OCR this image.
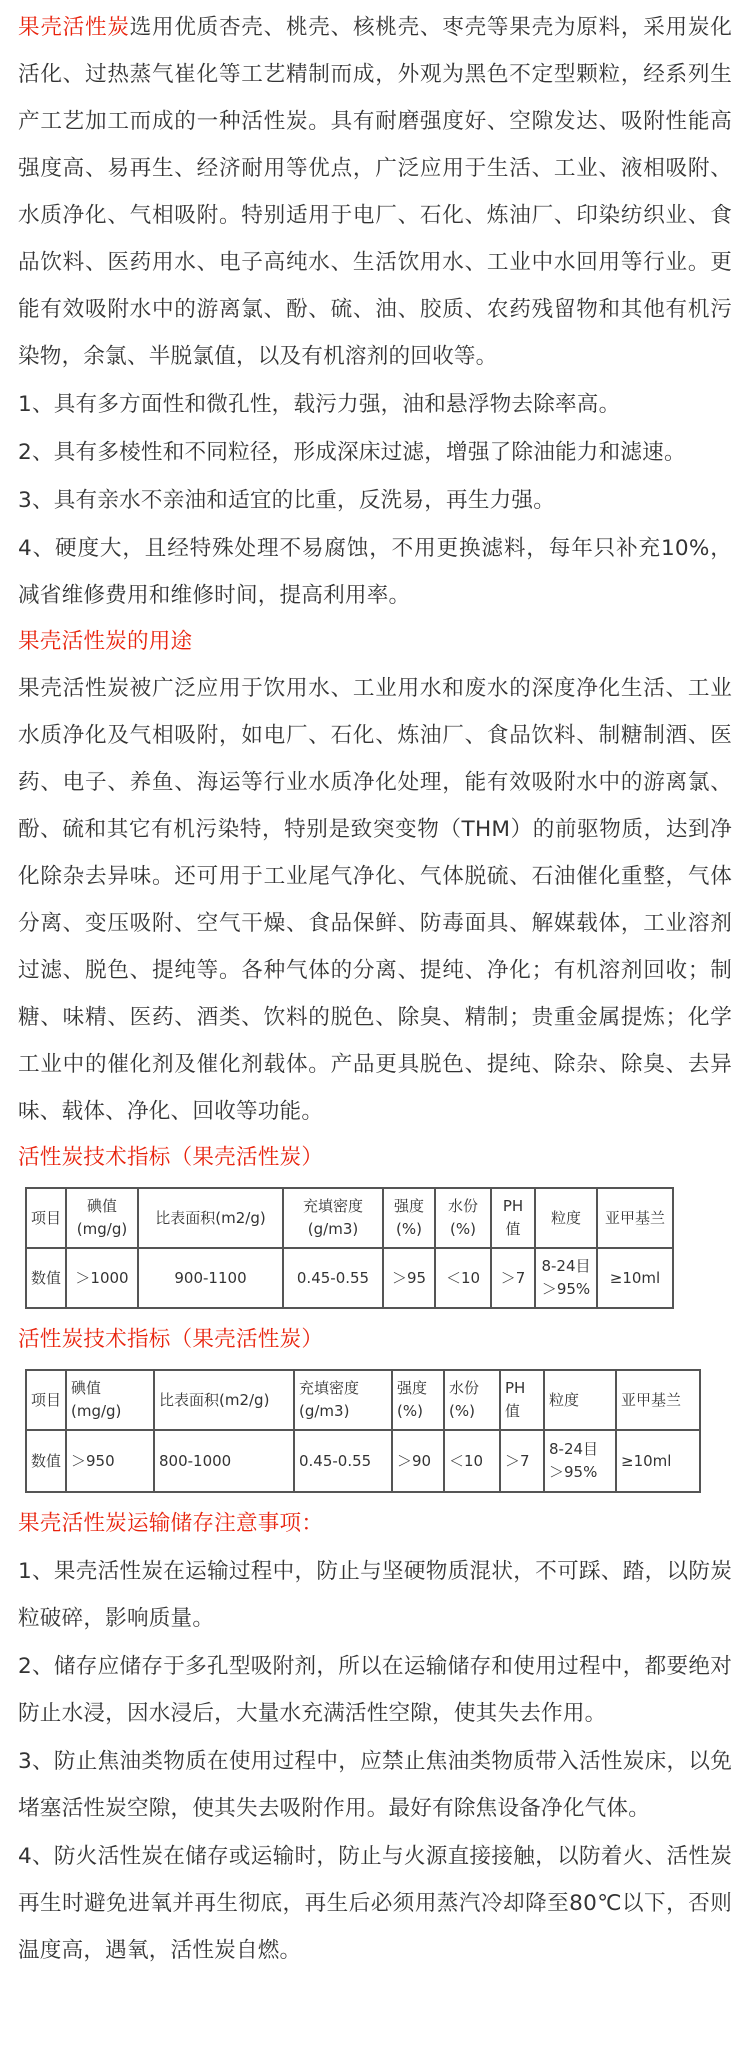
果壳活性炭选用优质杏壳、桃壳、核桃壳、枣壳等果壳为原料，采用炭化活化、过热蒸气崔化等工艺精制而成，外观为黑色不定型颗粒，经系列生产工艺加工而成的一种活性炭。具有耐磨强度好、空隙发达、吸附性能高强度高、易再生、经济耐用等优点，广泛应用于生活、工业、液相吸附、水质净化、气相吸附。特别适用于电厂、石化、炼油厂、印染纺织业、食品饮料、医药用水、电子高纯水、生活饮用水、工业中水回用等行业。更能有效吸附水中的游离氯、酚、硫、油、胶质、农药残留物和其他有机污染物，余氯、半脱氯值，以及有机溶剂的回收等。

1、具有多方面性和微孔性，载污力强，油和悬浮物去除率高。

2、具有多棱性和不同粒径，形成深床过滤，增强了除油能力和滤速。

3、具有亲水不亲油和适宜的比重，反洗易，再生力强。

4、硬度大，且经特殊处理不易腐蚀，不用更换滤料，每年只补充10%，减省维修费用和维修时间，提高利用率。

果壳活性炭的用途

果壳活性炭被广泛应用于饮用水、工业用水和废水的深度净化生活、工业水质净化及气相吸附，如电厂、石化、炼油厂、食品饮料、制糖制酒、医药、电子、养鱼、海运等行业水质净化处理，能有效吸附水中的游离氯、酚、硫和其它有机污染特，特别是致突变物（THM）的前驱物质，达到净化除杂去异味。还可用于工业尾气净化、气体脱硫、石油催化重整，气体分离、变压吸附、空气干燥、食品保鲜、防毒面具、解媒载体，工业溶剂过滤、脱色、提纯等。各种气体的分离、提纯、净化；有机溶剂回收；制糖、味精、医药、酒类、饮料的脱色、除臭、精制；贵重金属提炼；化学工业中的催化剂及催化剂载体。产品更具脱色、提纯、除杂、除臭、去异味、载体、净化、回收等功能。

活性炭技术指标（果壳活性炭）

项目	碘值(mg/g)	比表面积(m2/g)	充填密度(g/m3)	强度(%)	水份(%)	PH值	粒度	亚甲基兰
数值	＞1000	900-1100	0.45-0.55	＞95	＜10	＞7	8-24目＞95%	≥10ml

活性炭技术指标（果壳活性炭）

项目	碘值(mg/g)	比表面积(m2/g)	充填密度(g/m3)	强度(%)	水份(%)	PH值	粒度	亚甲基兰
数值	＞950	800-1000	0.45-0.55	＞90	＜10	＞7	8-24目＞95%	≥10ml

果壳活性炭运输储存注意事项：

1、果壳活性炭在运输过程中，防止与坚硬物质混状，不可踩、踏，以防炭粒破碎，影响质量。

2、储存应储存于多孔型吸附剂，所以在运输储存和使用过程中，都要绝对防止水浸，因水浸后，大量水充满活性空隙，使其失去作用。

3、防止焦油类物质在使用过程中，应禁止焦油类物质带入活性炭床，以免堵塞活性炭空隙，使其失去吸附作用。最好有除焦设备净化气体。

4、防火活性炭在储存或运输时，防止与火源直接接触，以防着火、活性炭再生时避免进氧并再生彻底，再生后必须用蒸汽冷却降至80℃以下，否则温度高，遇氧，活性炭自燃。
